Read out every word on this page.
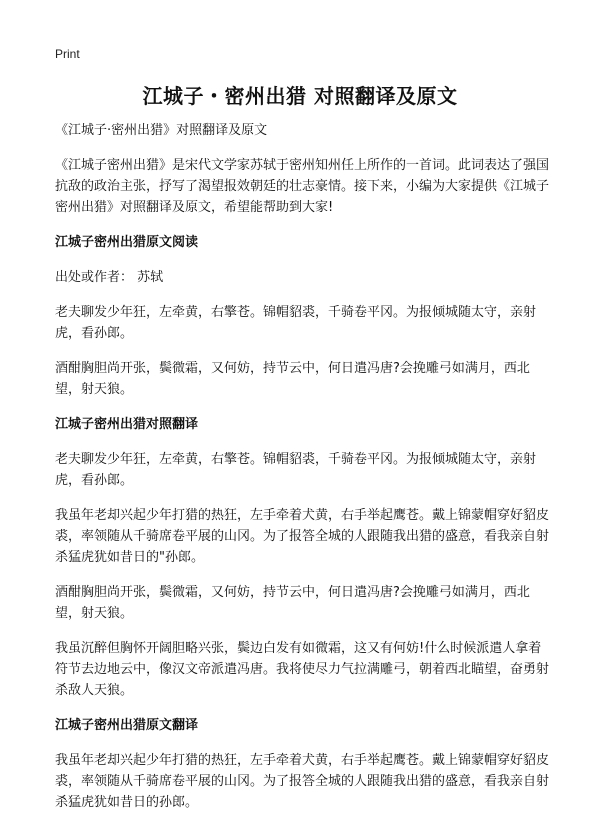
Print
江城子・密州出猎 对照翻译及原文

《江城子·密州出猎》对照翻译及原文

《江城子密州出猎》是宋代文学家苏轼于密州知州任上所作的一首词。此词表达了强国抗敌的政治主张，抒写了渴望报效朝廷的壮志豪情。接下来，小编为大家提供《江城子密州出猎》对照翻译及原文，希望能帮助到大家!

江城子密州出猎原文阅读

出处或作者： 苏轼

老夫聊发少年狂，左牵黄，右擎苍。锦帽貂裘，千骑卷平冈。为报倾城随太守，亲射虎，看孙郎。

酒酣胸胆尚开张，鬓微霜，又何妨，持节云中，何日遣冯唐?会挽雕弓如满月，西北望，射天狼。

江城子密州出猎对照翻译

老夫聊发少年狂，左牵黄，右擎苍。锦帽貂裘，千骑卷平冈。为报倾城随太守，亲射虎，看孙郎。

我虽年老却兴起少年打猎的热狂，左手牵着犬黄，右手举起鹰苍。戴上锦蒙帽穿好貂皮裘，率领随从千骑席卷平展的山冈。为了报答全城的人跟随我出猎的盛意，看我亲自射杀猛虎犹如昔日的"孙郎。

酒酣胸胆尚开张，鬓微霜，又何妨，持节云中，何日遣冯唐?会挽雕弓如满月，西北望，射天狼。

我虽沉醉但胸怀开阔胆略兴张，鬓边白发有如微霜，这又有何妨!什么时候派遣人拿着符节去边地云中，像汉文帝派遣冯唐。我将使尽力气拉满雕弓，朝着西北瞄望，奋勇射杀敌人天狼。

江城子密州出猎原文翻译

我虽年老却兴起少年打猎的热狂，左手牵着犬黄，右手举起鹰苍。戴上锦蒙帽穿好貂皮裘，率领随从千骑席卷平展的山冈。为了报答全城的人跟随我出猎的盛意，看我亲自射杀猛虎犹如昔日的孙郎。
